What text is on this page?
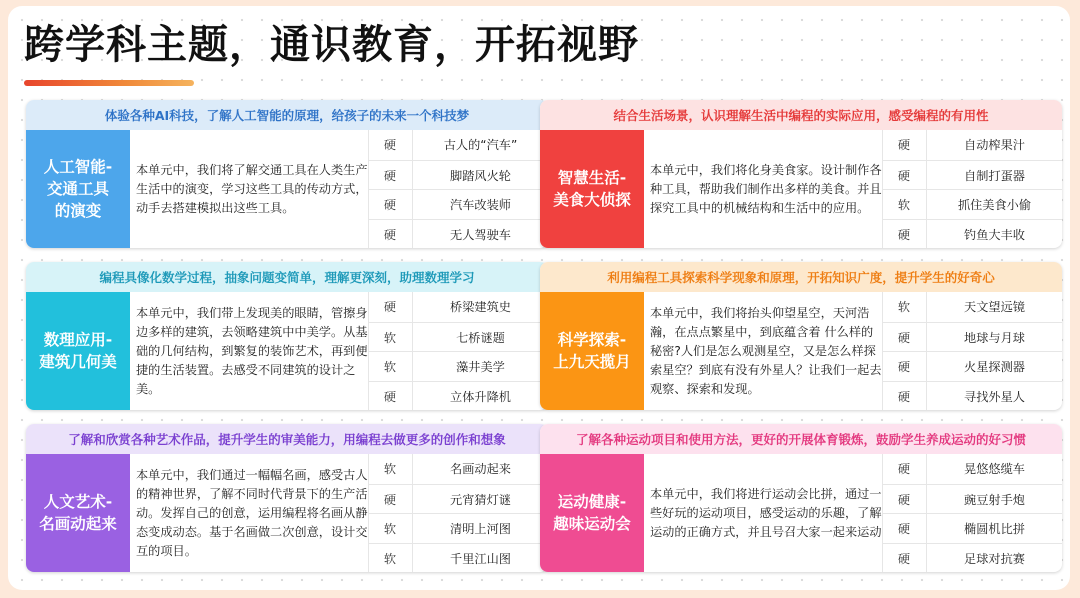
跨学科主题，通识教育，开拓视野
体验各种AI科技，了解人工智能的原理，给孩子的未来一个科技梦
人工智能-
交通工具
的演变

本单元中，我们将了解交通工具在人类生产生活中的演变，学习这些工具的传动方式，动手去搭建模拟出这些工具。

硬	古人的“汽车”
硬	脚踏风火轮
硬	汽车改装师
硬	无人驾驶车
结合生活场景，认识理解生活中编程的实际应用，感受编程的有用性
智慧生活-
美食大侦探

本单元中，我们将化身美食家。设计制作各种工具，帮助我们制作出多样的美食。并且探究工具中的机械结构和生活中的应用。

硬	自动榨果汁
硬	自制打蛋器
软	抓住美食小偷
硬	钓鱼大丰收
编程具像化数学过程，抽象问题变简单，理解更深刻，助理数理学习
数理应用-
建筑几何美

本单元中，我们带上发现美的眼睛，管擦身边多样的建筑，去领略建筑中中美学。从基础的几何结构，到繁复的装饰艺术，再到便捷的生活装置。去感受不同建筑的设计之美。

硬	桥梁建筑史
软	七桥谜题
软	藻井美学
硬	立体升降机
利用编程工具探索科学现象和原理，开拓知识广度，提升学生的好奇心
科学探索-
上九天揽月

本单元中，我们将抬头仰望星空，天河浩瀚，在点点繁星中，到底蕴含着 什么样的秘密?人们是怎么观测星空，又是怎么样探索星空？到底有没有外星人？让我们一起去观察、探索和发现。

软	天文望远镜
硬	地球与月球
硬	火星探测器
硬	寻找外星人
了解和欣赏各种艺术作品，提升学生的审美能力，用编程去做更多的创作和想象
人文艺术-
名画动起来

本单元中，我们通过一幅幅名画，感受古人的精神世界，了解不同时代背景下的生产活动。发挥自己的创意，运用编程将名画从静态变成动态。基于名画做二次创意，设计交互的项目。

软	名画动起来
硬	元宵猜灯谜
软	清明上河图
软	千里江山图
了解各种运动项目和使用方法，更好的开展体育锻炼，鼓励学生养成运动的好习惯
运动健康-
趣味运动会

本单元中，我们将进行运动会比拼，通过一些好玩的运动项目，感受运动的乐趣，了解运动的正确方式，并且号召大家一起来运动

硬	晃悠悠缆车
硬	豌豆射手炮
硬	椭圆机比拼
硬	足球对抗赛
